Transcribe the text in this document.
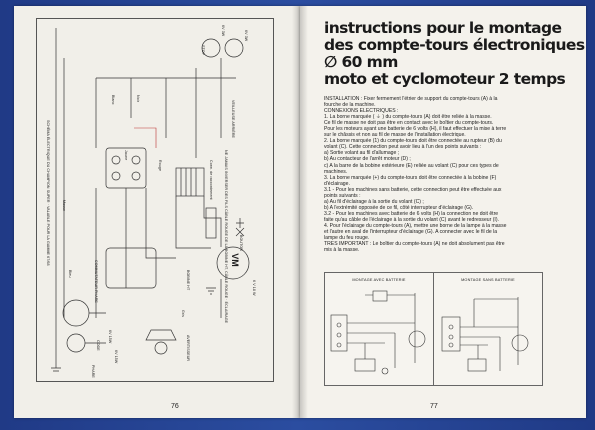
SCHÉMA ÉLECTRIQUE DU CHAMPION SUPER · VALABLE POUR LA GAMME 67/68
VEILLEUSE ARRIÈRE
STOP
NE JAMAIS INVERSER DES FILS CÂBLE ROUGE DE LA BOBINE HT, CÂBLE ROUGE · ÉCLAIRAGE
COMMUTATEUR PHARE	BOBINE HT
VM
6 V 18 W
CODE
PHARE
6V 15W
6V 15W	AVERTISSEUR
Bleu
Rouge
Jaune
Noir
Blanc
Masse
Gris
6V 3W	6V 3W
Conn. de raccordement
BOUTON
76
instructions pour le montage
des compte-tours électroniques
∅ 60 mm
moto et cyclomoteur 2 temps

INSTALLATION : Fixer fermement l'étrier de support du compte-tours (A) à la

fourche de la machine.

CONNEXIONS ÉLECTRIQUES :

1. La borne marquée ( ⏚ ) du compte-tours (A) doit être reliée à la masse.

Ce fil de masse ne doit pas être en contact avec le boîtier du compte-tours.

Pour les moteurs ayant une batterie de 6 volts (H), il faut effectuer la mise à terre

sur le châssis et non au fil de masse de l'installation électrique.

2. La borne marquée (1) du compte-tours doit être connectée au rupteur (B) du

volant (C). Cette connection peut avoir lieu à l'un des points suivants :

a) Sortie volant au fil d'allumage ;

b) Au contacteur de l'arrêt moteur (D) ;

c) A la barre de la bobine extérieure (E) reliée au volant (C) pour ces types de

machines.

3. La borne marquée (+) du compte-tours doit être connectée à la bobine (F)

d'éclairage.

3.1 - Pour les machines sans batterie, cette connection peut être effectuée aux

points suivants :

a) Au fil d'éclairage à la sortie du volant (C) ;

b) A l'extrémité opposée de ce fil, côté interrupteur d'éclairage (G).

3.2 - Pour les machines avec batterie de 6 volts (H) la connection ne doit être

faite qu'au câble de l'éclairage à la sortie du volant (C) avant le redresseur (I).

4. Pour l'éclairage du compte-tours (A), mettre une borne de la lampe à la masse

et l'autre en aval de l'interrupteur d'éclairage (G). A connecter avec le fil de la

lampe du feu rouge.

TRÈS IMPORTANT : Le boîtier du compte-tours (A) ne doit absolument pas être

mis à la masse.

MONTAGE AVEC BATTERIE	MONTAGE SANS BATTERIE
77
